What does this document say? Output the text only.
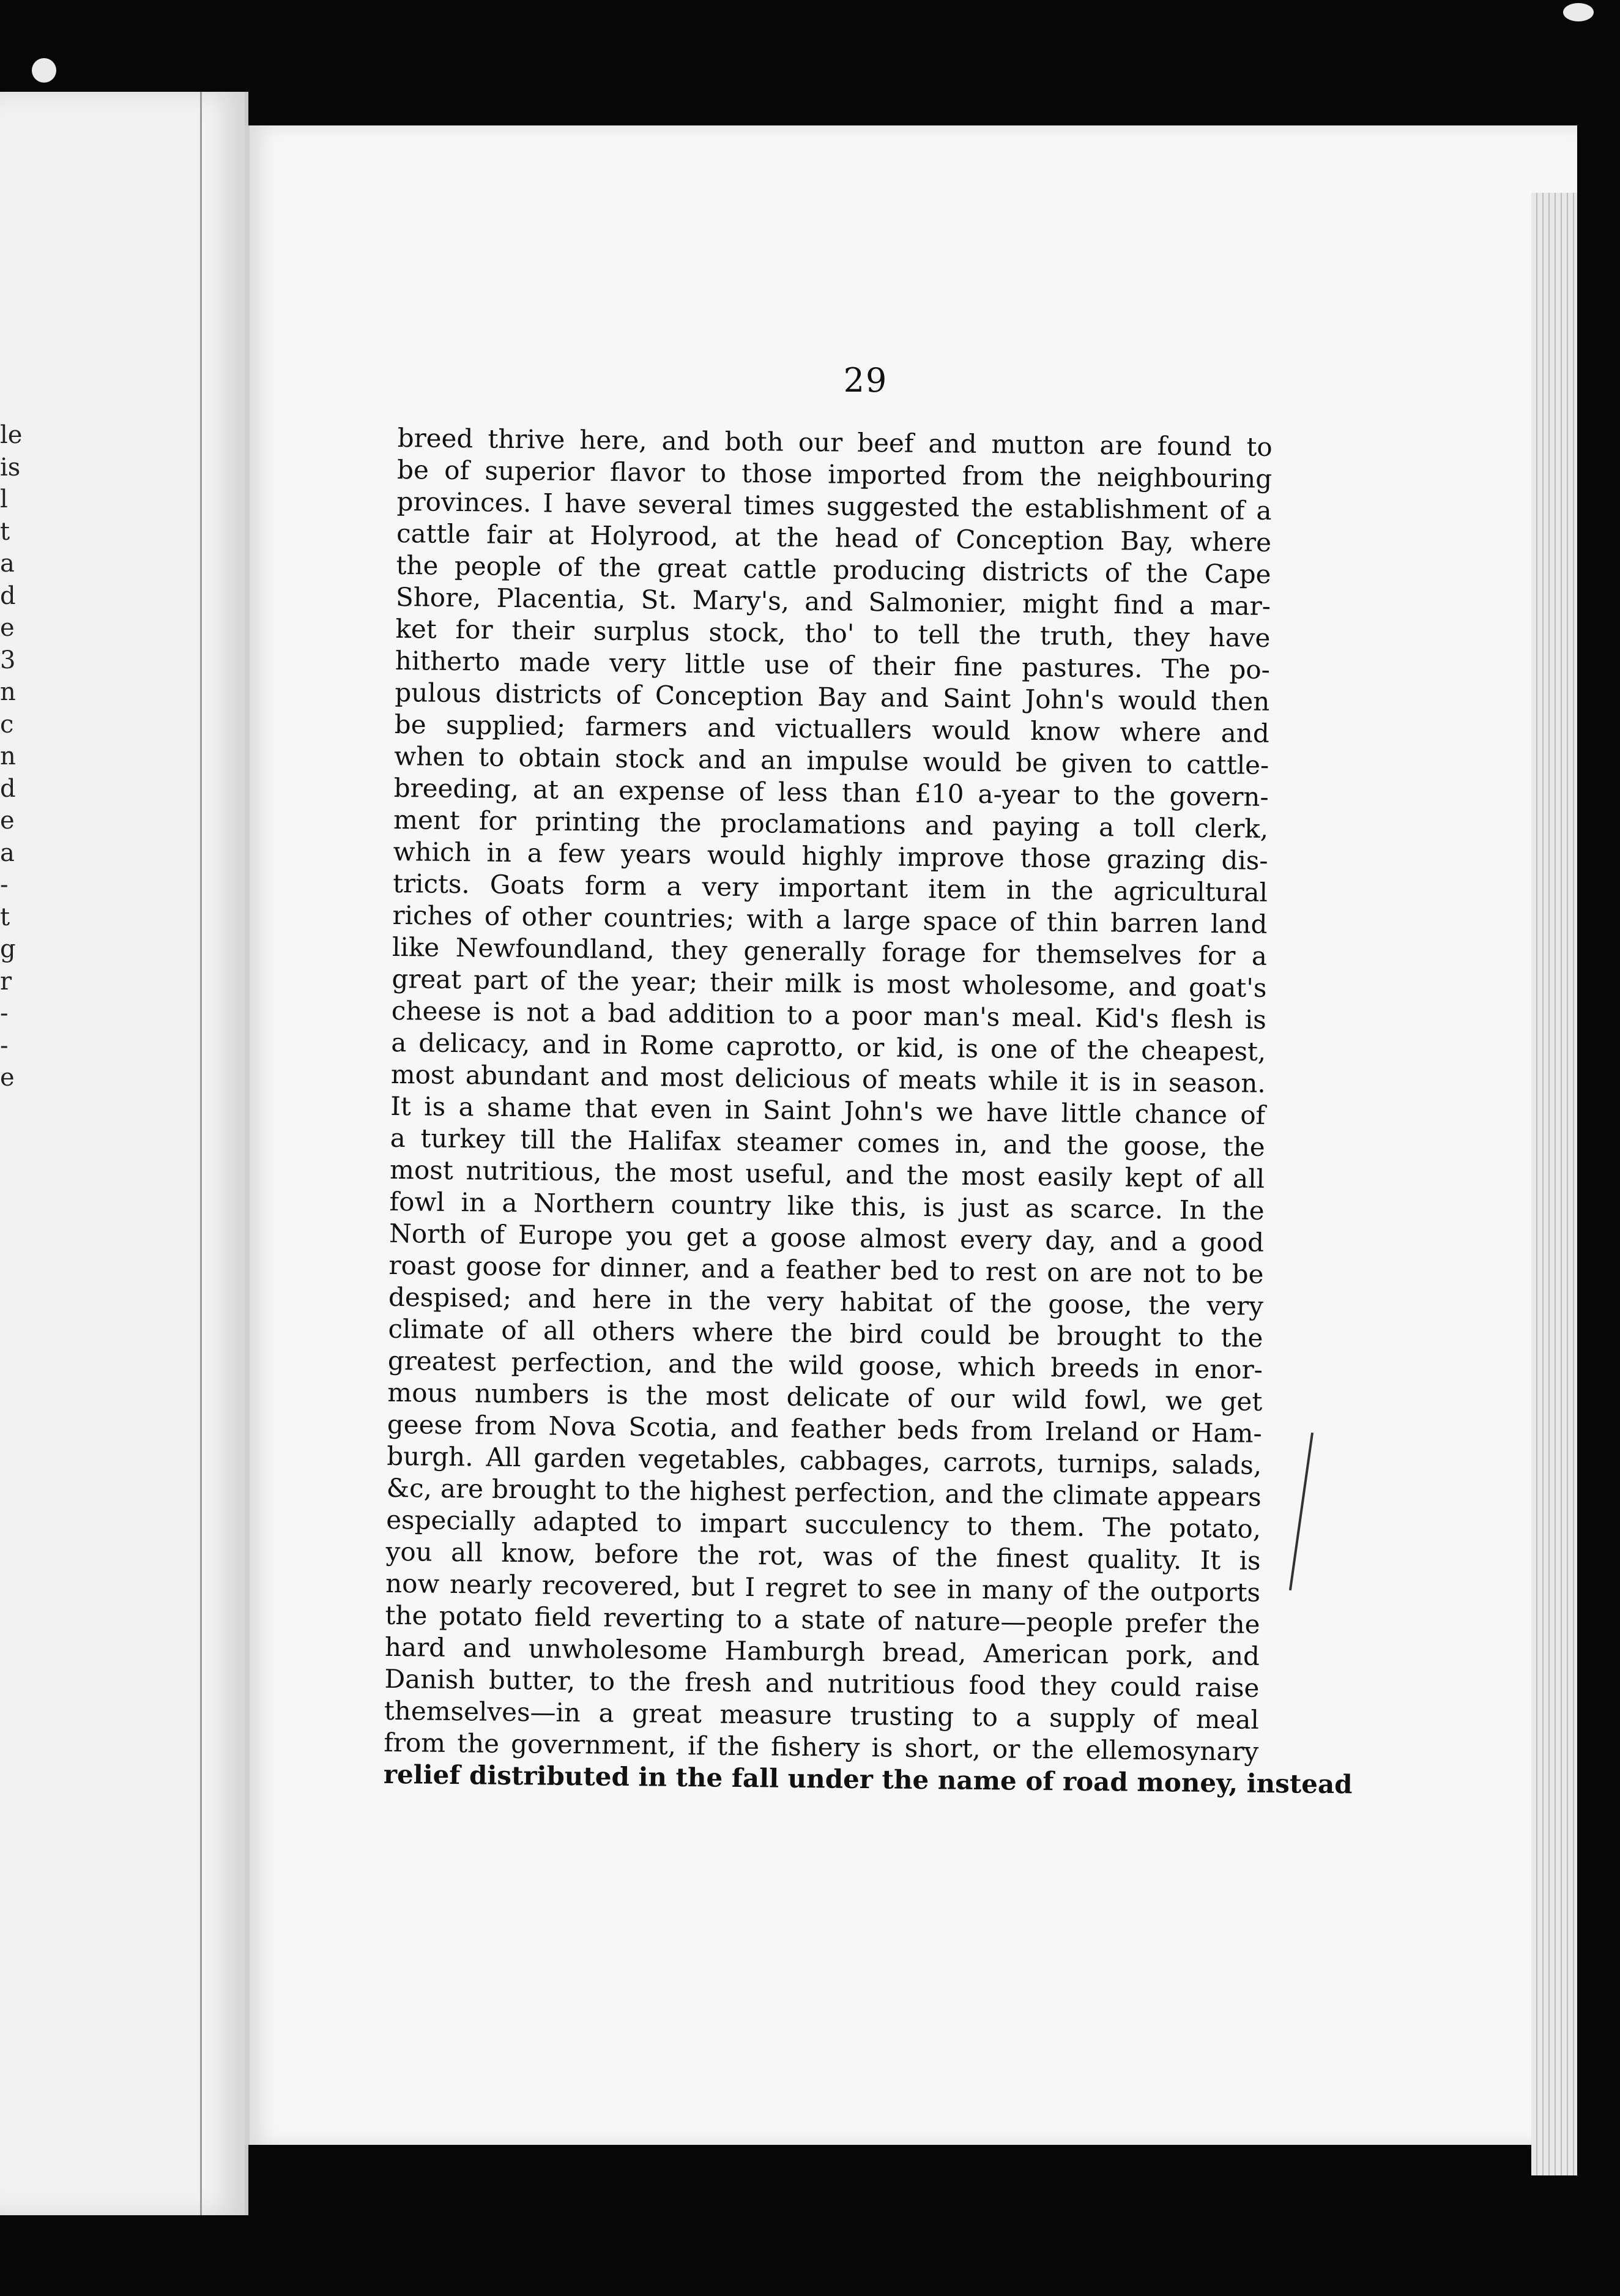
le
is
l
t
a
d
e
3
n
c
n
d
e
a
-
t
g
r
-
-
e
29
breed thrive here, and both our beef and mutton are found to
be of superior flavor to those imported from the neighbouring
provinces. I have several times suggested the establishment of a
cattle fair at Holyrood, at the head of Conception Bay, where
the people of the great cattle producing districts of the Cape
Shore, Placentia, St. Mary's, and Salmonier, might find a mar-
ket for their surplus stock, tho' to tell the truth, they have
hitherto made very little use of their fine pastures. The po-
pulous districts of Conception Bay and Saint John's would then
be supplied; farmers and victuallers would know where and
when to obtain stock and an impulse would be given to cattle-
breeding, at an expense of less than £10 a-year to the govern-
ment for printing the proclamations and paying a toll clerk,
which in a few years would highly improve those grazing dis-
tricts. Goats form a very important item in the agricultural
riches of other countries; with a large space of thin barren land
like Newfoundland, they generally forage for themselves for a
great part of the year; their milk is most wholesome, and goat's
cheese is not a bad addition to a poor man's meal. Kid's flesh is
a delicacy, and in Rome caprotto, or kid, is one of the cheapest,
most abundant and most delicious of meats while it is in season.
It is a shame that even in Saint John's we have little chance of
a turkey till the Halifax steamer comes in, and the goose, the
most nutritious, the most useful, and the most easily kept of all
fowl in a Northern country like this, is just as scarce. In the
North of Europe you get a goose almost every day, and a good
roast goose for dinner, and a feather bed to rest on are not to be
despised; and here in the very habitat of the goose, the very
climate of all others where the bird could be brought to the
greatest perfection, and the wild goose, which breeds in enor-
mous numbers is the most delicate of our wild fowl, we get
geese from Nova Scotia, and feather beds from Ireland or Ham-
burgh. All garden vegetables, cabbages, carrots, turnips, salads,
&c, are brought to the highest perfection, and the climate appears
especially adapted to impart succulency to them. The potato,
you all know, before the rot, was of the finest quality. It is
now nearly recovered, but I regret to see in many of the outports
the potato field reverting to a state of nature—people prefer the
hard and unwholesome Hamburgh bread, American pork, and
Danish butter, to the fresh and nutritious food they could raise
themselves—in a great measure trusting to a supply of meal
from the government, if the fishery is short, or the ellemosynary
relief distributed in the fall under the name of road money, instead
